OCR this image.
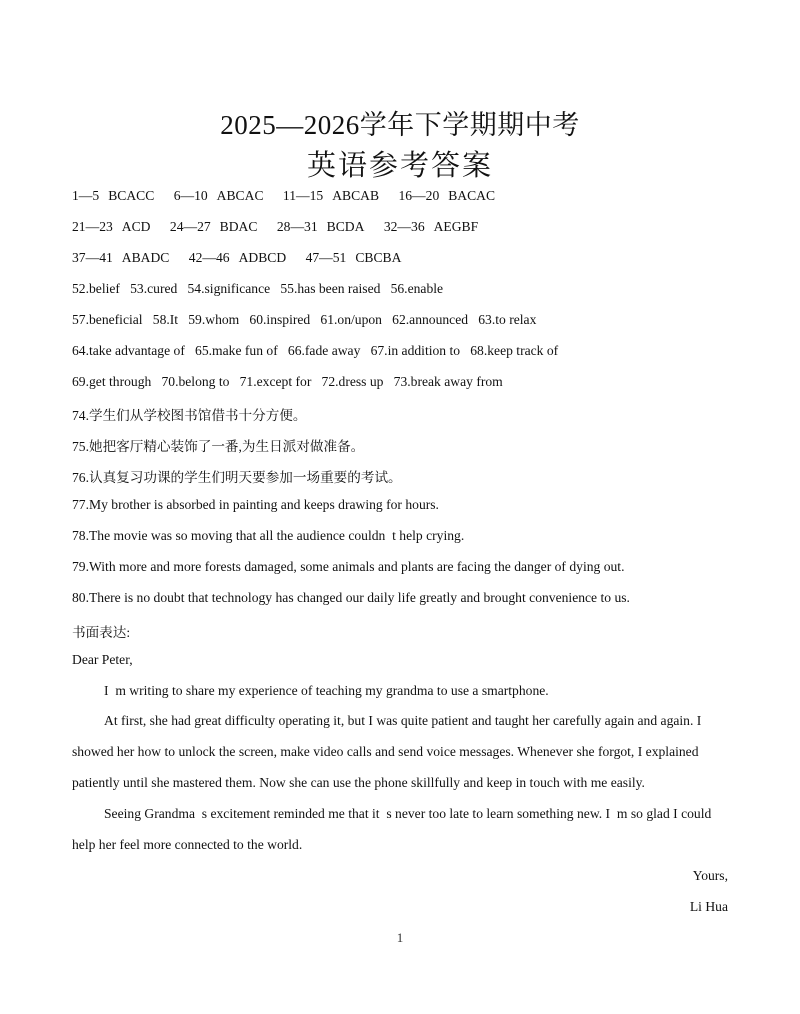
2025—2026学年下学期期中考
英语参考答案
1—5 BCACC 6—10 ABCAC 11—15 ABCAB 16—20 BACAC
21—23 ACD 24—27 BDAC 28—31 BCDA 32—36 AEGBF
37—41 ABADC 42—46 ADBCD 47—51 CBCBA
52.belief   53.cured   54.significance   55.has been raised   56.enable
57.beneficial   58.It   59.whom   60.inspired   61.on/upon   62.announced   63.to relax
64.take advantage of   65.make fun of   66.fade away   67.in addition to   68.keep track of
69.get through   70.belong to   71.except for   72.dress up   73.break away from
74.学生们从学校图书馆借书十分方便。
75.她把客厅精心装饰了一番,为生日派对做准备。
76.认真复习功课的学生们明天要参加一场重要的考试。
77.My brother is absorbed in painting and keeps drawing for hours.
78.The movie was so moving that all the audience couldn  t help crying.
79.With more and more forests damaged, some animals and plants are facing the danger of dying out.
80.There is no doubt that technology has changed our daily life greatly and brought convenience to us.
书面表达:
Dear Peter,
I  m writing to share my experience of teaching my grandma to use a smartphone.
At first, she had great difficulty operating it, but I was quite patient and taught her carefully again and again. I
showed her how to unlock the screen, make video calls and send voice messages. Whenever she forgot, I explained
patiently until she mastered them. Now she can use the phone skillfully and keep in touch with me easily.
Seeing Grandma  s excitement reminded me that it  s never too late to learn something new. I  m so glad I could
help her feel more connected to the world.
Yours,
Li Hua
1
